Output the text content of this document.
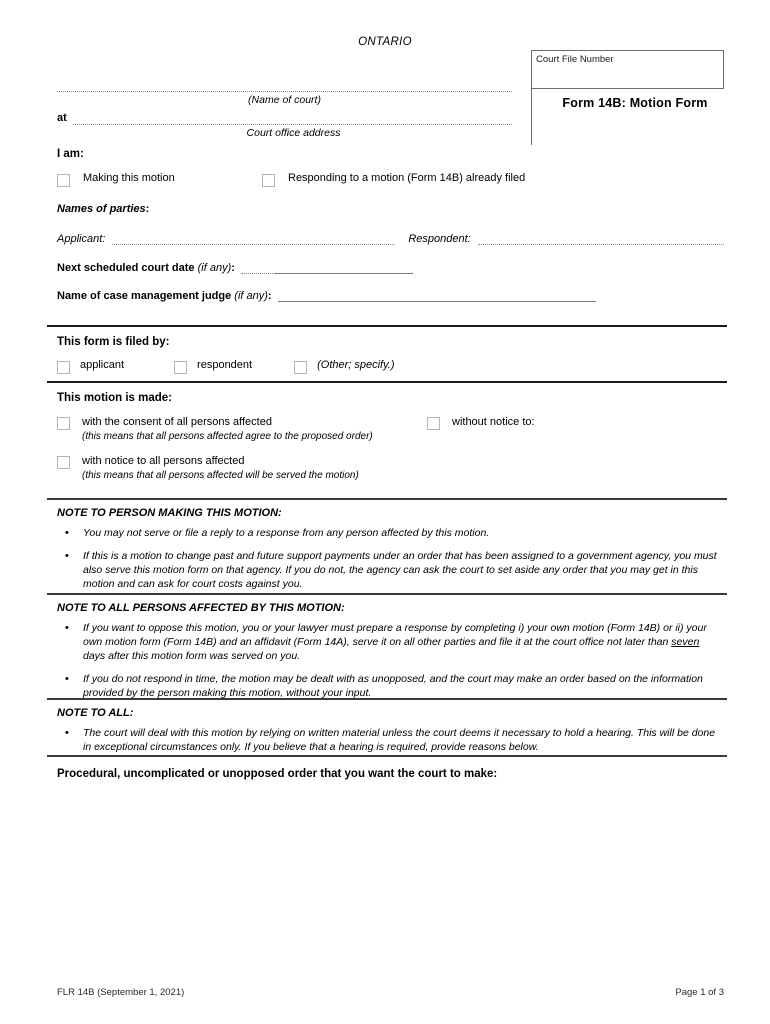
ONTARIO
Court File Number
Form 14B: Motion Form
(Name of court)
at
Court office address
I am:
Making this motion	Responding to a motion (Form 14B) already filed
Names of parties:
Applicant:	Respondent:
Next scheduled court date (if any):
Name of case management judge (if any):
This form is filed by:
applicant	respondent	(Other; specify.)
This motion is made:
with the consent of all persons affected
(this means that all persons affected agree to the proposed order)
with notice to all persons affected
(this means that all persons affected will be served the motion)
without notice to:
NOTE TO PERSON MAKING THIS MOTION:
•	You may not serve or file a reply to a response from any person affected by this motion.
•	If this is a motion to change past and future support payments under an order that has been assigned to a government agency, you must also serve this motion form on that agency. If you do not, the agency can ask the court to set aside any order that you may get in this motion and can ask for court costs against you.
NOTE TO ALL PERSONS AFFECTED BY THIS MOTION:
•	If you want to oppose this motion, you or your lawyer must prepare a response by completing i) your own motion (Form 14B) or ii) your own motion form (Form 14B) and an affidavit (Form 14A), serve it on all other parties and file it at the court office not later than seven days after this motion form was served on you.
•	If you do not respond in time, the motion may be dealt with as unopposed, and the court may make an order based on the information provided by the person making this motion, without your input.
NOTE TO ALL:
•	The court will deal with this motion by relying on written material unless the court deems it necessary to hold a hearing. This will be done in exceptional circumstances only. If you believe that a hearing is required, provide reasons below.
Procedural, uncomplicated or unopposed order that you want the court to make:
FLR 14B (September 1, 2021)	Page 1 of 3
